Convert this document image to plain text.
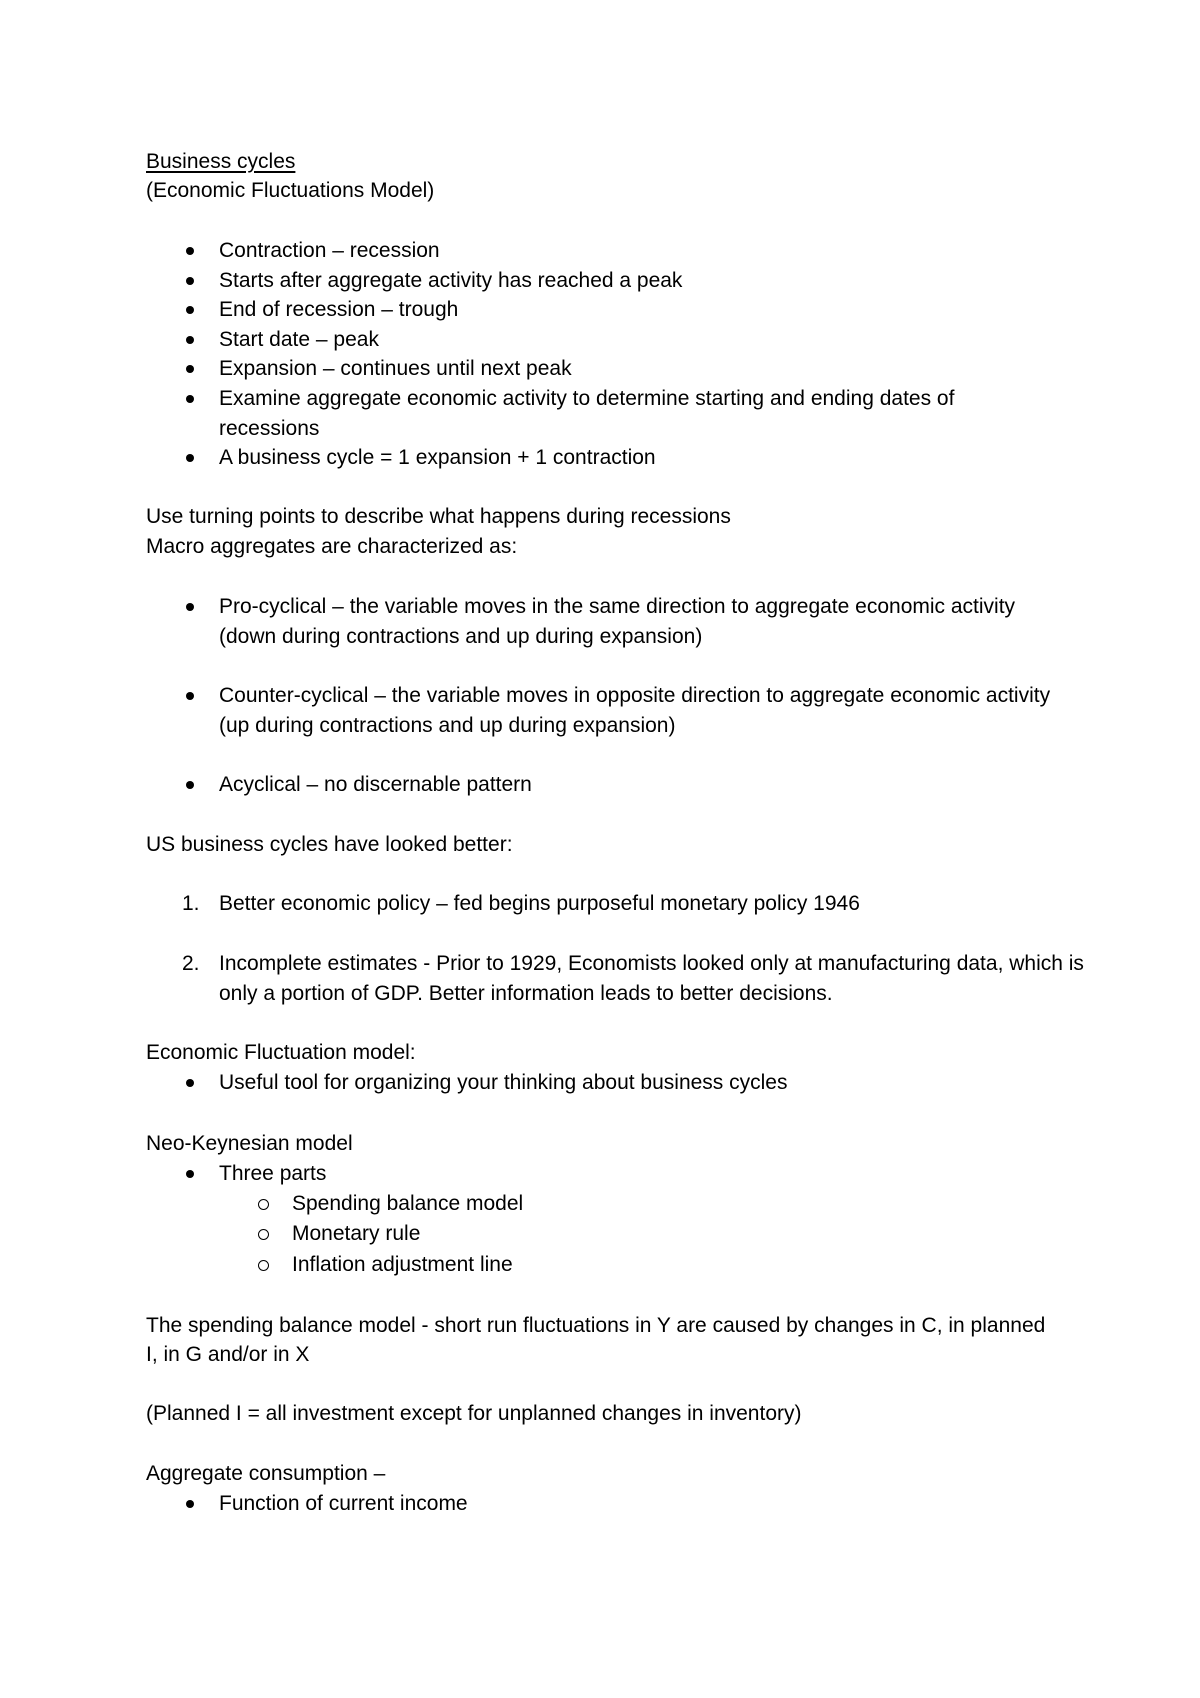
Business cycles
(Economic Fluctuations Model)
Contraction – recession
Starts after aggregate activity has reached a peak
End of recession – trough
Start date – peak
Expansion – continues until next peak
Examine aggregate economic activity to determine starting and ending dates of recessions
A business cycle = 1 expansion + 1 contraction
Use turning points to describe what happens during recessions
Macro aggregates are characterized as:
Pro-cyclical – the variable moves in the same direction to aggregate economic activity (down during contractions and up during expansion)
Counter-cyclical – the variable moves in opposite direction to aggregate economic activity (up during contractions and up during expansion)
Acyclical – no discernable pattern
US business cycles have looked better:
1. Better economic policy – fed begins purposeful monetary policy 1946
2. Incomplete estimates - Prior to 1929, Economists looked only at manufacturing data, which is only a portion of GDP. Better information leads to better decisions.
Economic Fluctuation model:
Useful tool for organizing your thinking about business cycles
Neo-Keynesian model
Three parts
Spending balance model
Monetary rule
Inflation adjustment line
The spending balance model - short run fluctuations in Y are caused by changes in C, in planned I, in G and/or in X
(Planned I = all investment except for unplanned changes in inventory)
Aggregate consumption –
Function of current income
